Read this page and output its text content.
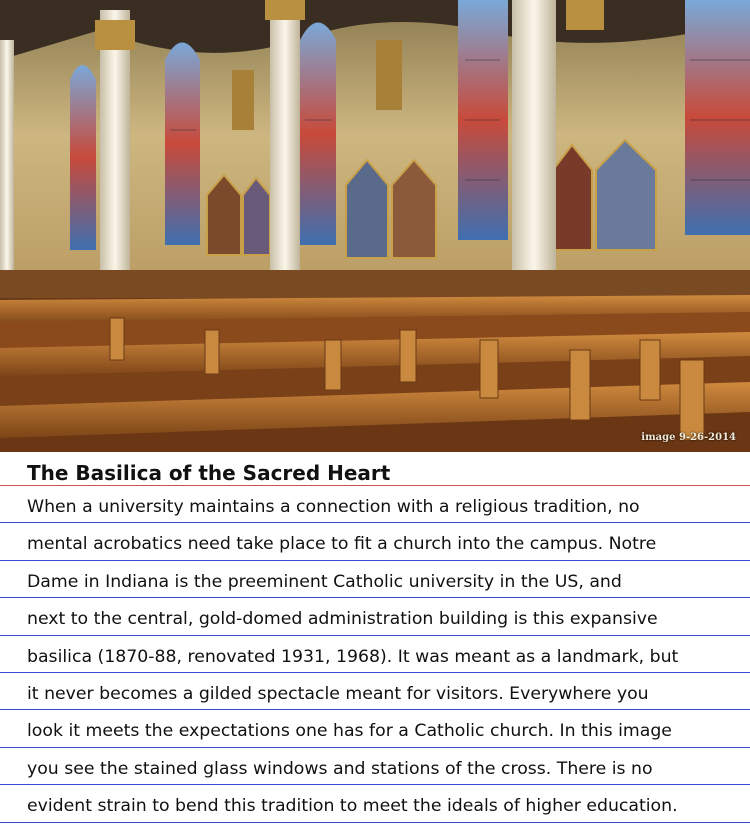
image 9-26-2014
The Basilica of the Sacred Heart
When a university maintains a connection with a religious tradition, no
mental acrobatics need take place to fit a church into the campus. Notre
Dame in Indiana is the preeminent Catholic university in the US, and
next to the central, gold-domed administration building is this expansive
basilica (1870-88, renovated 1931, 1968). It was meant as a landmark, but
it never becomes a gilded spectacle meant for visitors. Everywhere you
look it meets the expectations one has for a Catholic church. In this image
you see the stained glass windows and stations of the cross. There is no
evident strain to bend this tradition to meet the ideals of higher education.
